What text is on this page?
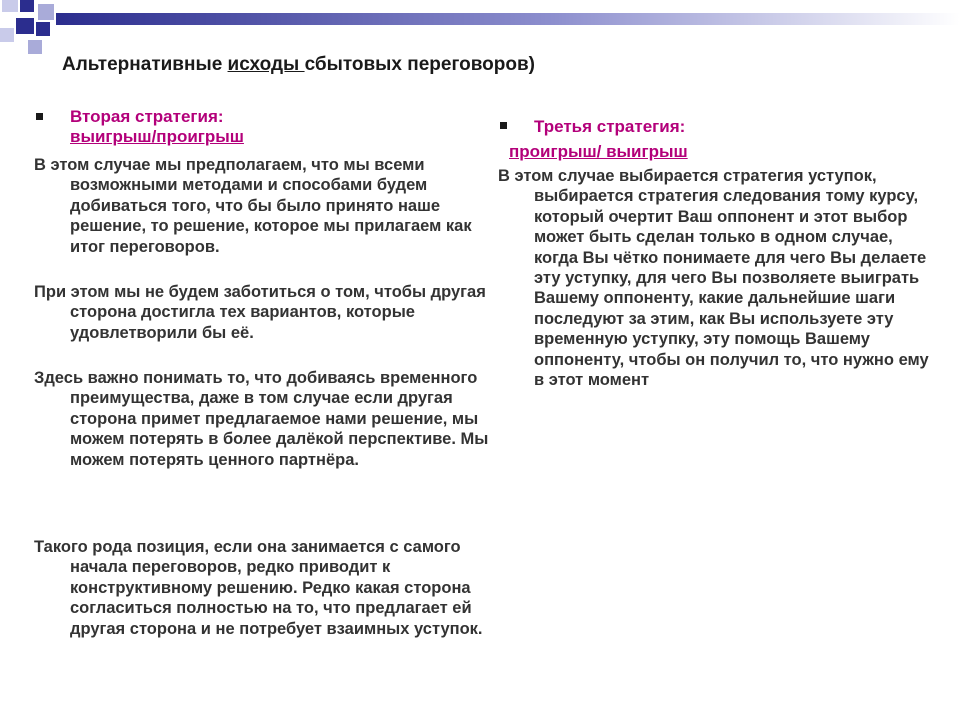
Альтернативные исходы сбытовых переговоров)
Вторая стратегия:
выигрыш/проигрыш

В этом случае мы предполагаем, что мы всеми возможными методами и способами будем добиваться того, что бы было принято наше решение, то решение, которое мы прилагаем как итог переговоров.

При этом мы не будем заботиться о том, чтобы другая сторона достигла тех вариантов, которые удовлетворили бы её.

Здесь важно понимать то, что добиваясь временного преимущества, даже в том случае если другая сторона примет предлагаемое нами решение, мы можем потерять в более далёкой перспективе. Мы можем потерять ценного партнёра.

Такого рода позиция, если она занимается с самого начала переговоров, редко приводит к конструктивному решению. Редко какая сторона согласиться полностью на то, что предлагает ей другая сторона и не потребует взаимных уступок.

Третья стратегия:
проигрыш/ выигрыш

В этом случае выбирается стратегия уступок, выбирается стратегия следования тому курсу, который очертит Ваш оппонент и этот выбор может быть сделан только в одном случае, когда Вы чётко понимаете для чего Вы делаете эту уступку, для чего Вы позволяете выиграть Вашему оппоненту, какие дальнейшие шаги последуют за этим, как Вы используете эту временную уступку, эту помощь Вашему оппоненту, чтобы он получил то, что нужно ему в этот момент
